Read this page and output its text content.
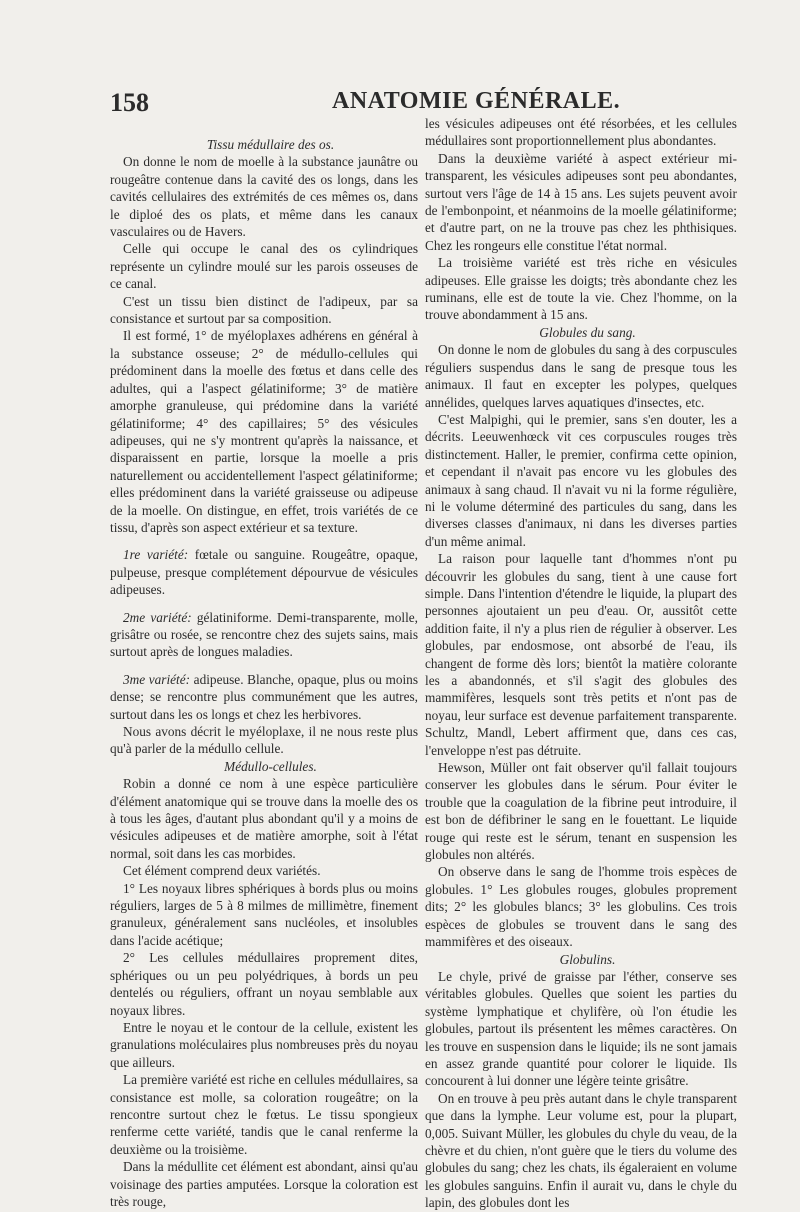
158	ANATOMIE GÉNÉRALE.

Tissu médullaire des os.

On donne le nom de moelle à la substance jaunâtre ou rougeâtre contenue dans la cavité des os longs, dans les cavités cellulaires des extrémités de ces mêmes os, dans le diploé des os plats, et même dans les canaux vasculaires ou de Havers.

Celle qui occupe le canal des os cylindriques représente un cylindre moulé sur les parois osseuses de ce canal.

C'est un tissu bien distinct de l'adipeux, par sa consistance et surtout par sa composition.

Il est formé, 1° de myéloplaxes adhérens en général à la substance osseuse; 2° de médullo-cellules qui prédominent dans la moelle des fœtus et dans celle des adultes, qui a l'aspect gélatiniforme; 3° de matière amorphe granuleuse, qui prédomine dans la variété gélatiniforme; 4° des capillaires; 5° des vésicules adipeuses, qui ne s'y montrent qu'après la naissance, et disparaissent en partie, lorsque la moelle a pris naturellement ou accidentellement l'aspect gélatiniforme; elles prédominent dans la variété graisseuse ou adipeuse de la moelle. On distingue, en effet, trois variétés de ce tissu, d'après son aspect extérieur et sa texture.

1re variété: fœtale ou sanguine. Rougeâtre, opaque, pulpeuse, presque complétement dépourvue de vésicules adipeuses.

2me variété: gélatiniforme. Demi-transparente, molle, grisâtre ou rosée, se rencontre chez des sujets sains, mais surtout après de longues maladies.

3me variété: adipeuse. Blanche, opaque, plus ou moins dense; se rencontre plus communément que les autres, surtout dans les os longs et chez les herbivores.

Nous avons décrit le myéloplaxe, il ne nous reste plus qu'à parler de la médullo cellule.

Médullo-cellules.

Robin a donné ce nom à une espèce particulière d'élément anatomique qui se trouve dans la moelle des os à tous les âges, d'autant plus abondant qu'il y a moins de vésicules adipeuses et de matière amorphe, soit à l'état normal, soit dans les cas morbides.

Cet élément comprend deux variétés.

1° Les noyaux libres sphériques à bords plus ou moins réguliers, larges de 5 à 8 milmes de millimètre, finement granuleux, généralement sans nucléoles, et insolubles dans l'acide acétique;

2° Les cellules médullaires proprement dites, sphériques ou un peu polyédriques, à bords un peu dentelés ou réguliers, offrant un noyau semblable aux noyaux libres.

Entre le noyau et le contour de la cellule, existent les granulations moléculaires plus nombreuses près du noyau que ailleurs.

La première variété est riche en cellules médullaires, sa consistance est molle, sa coloration rougeâtre; on la rencontre surtout chez le fœtus. Le tissu spongieux renferme cette variété, tandis que le canal renferme la deuxième ou la troisième.

Dans la médullite cet élément est abondant, ainsi qu'au voisinage des parties amputées. Lorsque la coloration est très rouge,

les vésicules adipeuses ont été résorbées, et les cellules médullaires sont proportionnellement plus abondantes.

Dans la deuxième variété à aspect extérieur mi-transparent, les vésicules adipeuses sont peu abondantes, surtout vers l'âge de 14 à 15 ans. Les sujets peuvent avoir de l'embonpoint, et néanmoins de la moelle gélatiniforme; et d'autre part, on ne la trouve pas chez les phthisiques. Chez les rongeurs elle constitue l'état normal.

La troisième variété est très riche en vésicules adipeuses. Elle graisse les doigts; très abondante chez les ruminans, elle est de toute la vie. Chez l'homme, on la trouve abondamment à 15 ans.

Globules du sang.

On donne le nom de globules du sang à des corpuscules réguliers suspendus dans le sang de presque tous les animaux. Il faut en excepter les polypes, quelques annélides, quelques larves aquatiques d'insectes, etc.

C'est Malpighi, qui le premier, sans s'en douter, les a décrits. Leeuwenhœck vit ces corpuscules rouges très distinctement. Haller, le premier, confirma cette opinion, et cependant il n'avait pas encore vu les globules des animaux à sang chaud. Il n'avait vu ni la forme régulière, ni le volume déterminé des particules du sang, dans les diverses classes d'animaux, ni dans les diverses parties d'un même animal.

La raison pour laquelle tant d'hommes n'ont pu découvrir les globules du sang, tient à une cause fort simple. Dans l'intention d'étendre le liquide, la plupart des personnes ajoutaient un peu d'eau. Or, aussitôt cette addition faite, il n'y a plus rien de régulier à observer. Les globules, par endosmose, ont absorbé de l'eau, ils changent de forme dès lors; bientôt la matière colorante les a abandonnés, et s'il s'agit des globules des mammifères, lesquels sont très petits et n'ont pas de noyau, leur surface est devenue parfaitement transparente. Schultz, Mandl, Lebert affirment que, dans ces cas, l'enveloppe n'est pas détruite.

Hewson, Müller ont fait observer qu'il fallait toujours conserver les globules dans le sérum. Pour éviter le trouble que la coagulation de la fibrine peut introduire, il est bon de défibriner le sang en le fouettant. Le liquide rouge qui reste est le sérum, tenant en suspension les globules non altérés.

On observe dans le sang de l'homme trois espèces de globules. 1° Les globules rouges, globules proprement dits; 2° les globules blancs; 3° les globulins. Ces trois espèces de globules se trouvent dans le sang des mammifères et des oiseaux.

Globulins.

Le chyle, privé de graisse par l'éther, conserve ses véritables globules. Quelles que soient les parties du système lymphatique et chylifère, où l'on étudie les globules, partout ils présentent les mêmes caractères. On les trouve en suspension dans le liquide; ils ne sont jamais en assez grande quantité pour colorer le liquide. Ils concourent à lui donner une légère teinte grisâtre.

On en trouve à peu près autant dans le chyle transparent que dans la lymphe. Leur volume est, pour la plupart, 0,005. Suivant Müller, les globules du chyle du veau, de la chèvre et du chien, n'ont guère que le tiers du volume des globules du sang; chez les chats, ils égaleraient en volume les globules sanguins. Enfin il aurait vu, dans le chyle du lapin, des globules dont les
